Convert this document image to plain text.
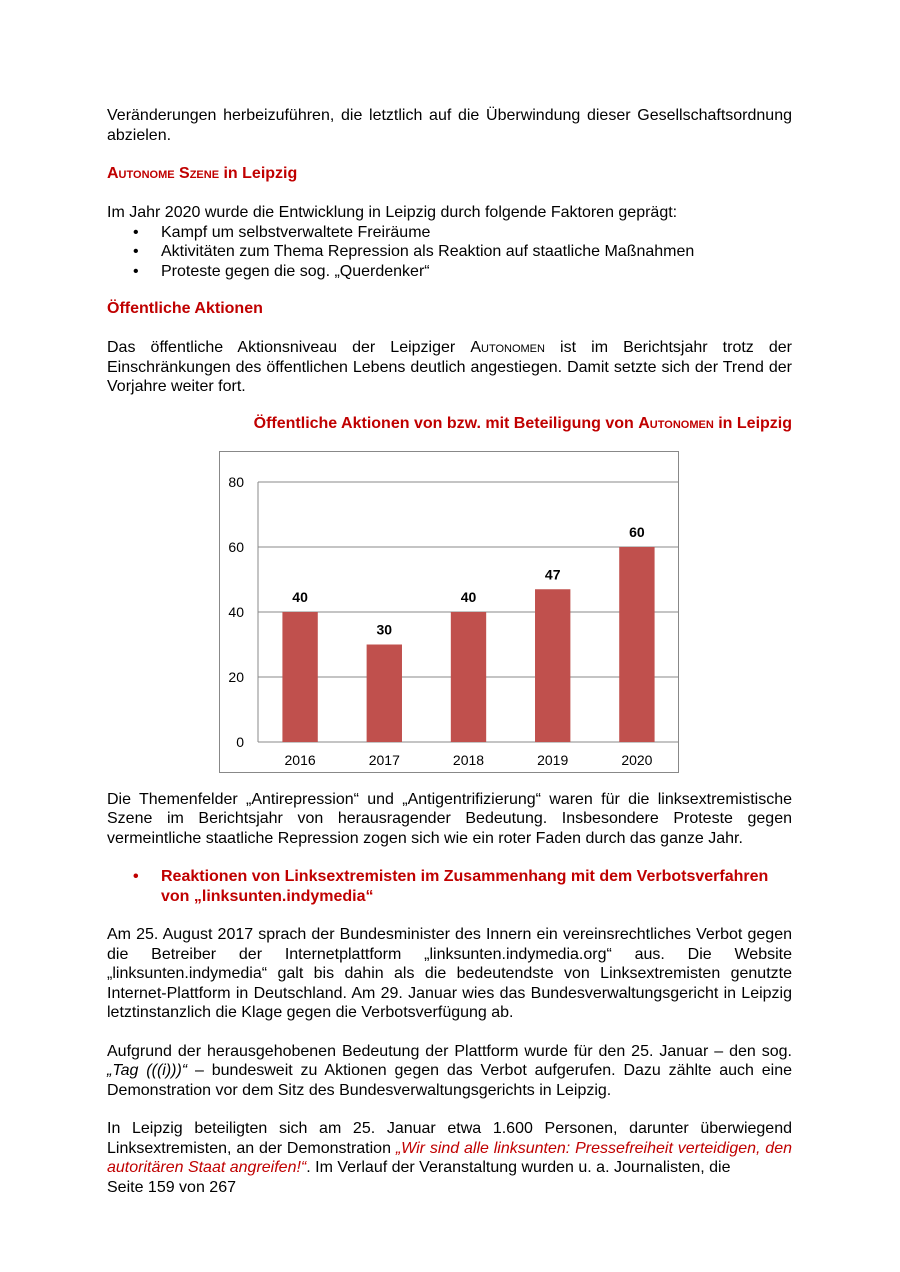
Veränderungen herbeizuführen, die letztlich auf die Überwindung dieser Gesellschaftsordnung abzielen.

Autonome Szene in Leipzig

Im Jahr 2020 wurde die Entwicklung in Leipzig durch folgende Faktoren geprägt:

• Kampf um selbstverwaltete Freiräume
• Aktivitäten zum Thema Repression als Reaktion auf staatliche Maßnahmen
• Proteste gegen die sog. „Querdenker“

Öffentliche Aktionen

Das öffentliche Aktionsniveau der Leipziger Autonomen ist im Berichtsjahr trotz der Einschränkungen des öffentlichen Lebens deutlich angestiegen. Damit setzte sich der Trend der Vorjahre weiter fort.

Öffentliche Aktionen von bzw. mit Beteiligung von Autonomen in Leipzig

0
20
40
60
80
40
2016
30
2017
40
2018
47
2019
60
2020

Die Themenfelder „Antirepression“ und „Antigentrifizierung“ waren für die linksextremistische Szene im Berichtsjahr von herausragender Bedeutung. Insbesondere Proteste gegen vermeintliche staatliche Repression zogen sich wie ein roter Faden durch das ganze Jahr.

• Reaktionen von Linksextremisten im Zusammenhang mit dem Verbotsverfahren von „linksunten.indymedia“

Am 25. August 2017 sprach der Bundesminister des Innern ein vereinsrechtliches Verbot gegen die Betreiber der Internetplattform „linksunten.indymedia.org“ aus. Die Website „linksunten.indymedia“ galt bis dahin als die bedeutendste von Linksextremisten genutzte Internet-Plattform in Deutschland. Am 29. Januar wies das Bundesverwaltungsgericht in Leipzig letztinstanzlich die Klage gegen die Verbotsverfügung ab.

Aufgrund der herausgehobenen Bedeutung der Plattform wurde für den 25. Januar – den sog. „Tag (((i)))“ – bundesweit zu Aktionen gegen das Verbot aufgerufen. Dazu zählte auch eine Demonstration vor dem Sitz des Bundesverwaltungsgerichts in Leipzig.

In Leipzig beteiligten sich am 25. Januar etwa 1.600 Personen, darunter überwiegend Linksextremisten, an der Demonstration „Wir sind alle linksunten: Pressefreiheit verteidigen, den autoritären Staat angreifen!“. Im Verlauf der Veranstaltung wurden u. a. Journalisten, die

Seite 159 von 267
